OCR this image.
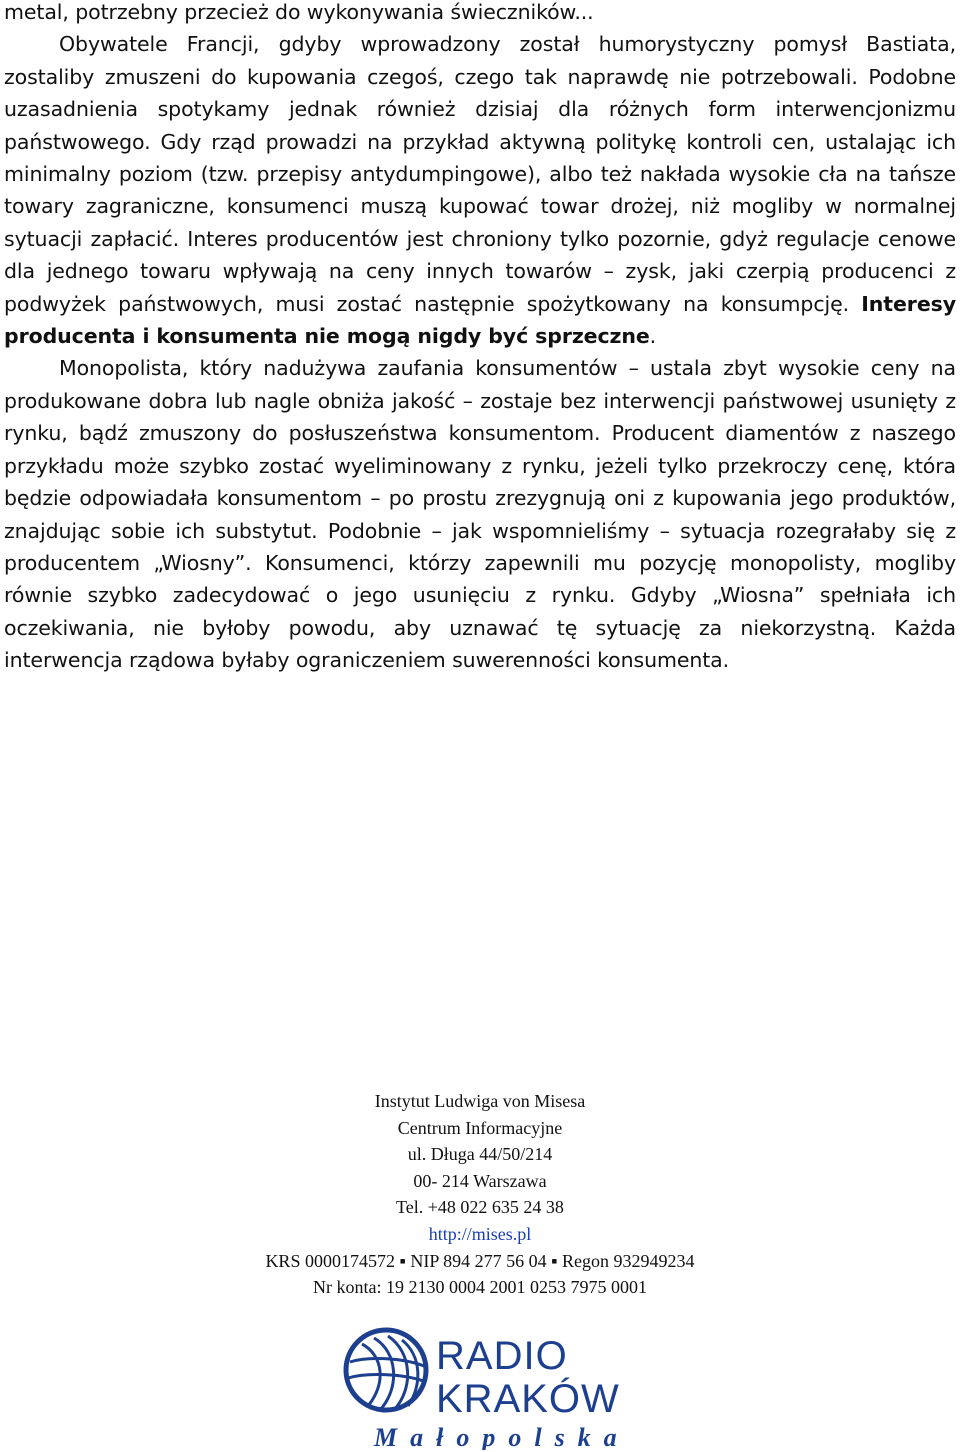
metal, potrzebny przecież do wykonywania świeczników...

Obywatele Francji, gdyby wprowadzony został humorystyczny pomysł Bastiata, zostaliby zmuszeni do kupowania czegoś, czego tak naprawdę nie potrzebowali. Podobne uzasadnienia spotykamy jednak również dzisiaj dla różnych form interwencjonizmu państwowego. Gdy rząd prowadzi na przykład aktywną politykę kontroli cen, ustalając ich minimalny poziom (tzw. przepisy antydumpingowe), albo też nakłada wysokie cła na tańsze towary zagraniczne, konsumenci muszą kupować towar drożej, niż mogliby w normalnej sytuacji zapłacić. Interes producentów jest chroniony tylko pozornie, gdyż regulacje cenowe dla jednego towaru wpływają na ceny innych towarów – zysk, jaki czerpią producenci z podwyżek państwowych, musi zostać następnie spożytkowany na konsumpcję. Interesy producenta i konsumenta nie mogą nigdy być sprzeczne.

Monopolista, który nadużywa zaufania konsumentów – ustala zbyt wysokie ceny na produkowane dobra lub nagle obniża jakość – zostaje bez interwencji państwowej usunięty z rynku, bądź zmuszony do posłuszeństwa konsumentom. Producent diamentów z naszego przykładu może szybko zostać wyeliminowany z rynku, jeżeli tylko przekroczy cenę, która będzie odpowiadała konsumentom – po prostu zrezygnują oni z kupowania jego produktów, znajdując sobie ich substytut. Podobnie – jak wspomnieliśmy – sytuacja rozegrałaby się z producentem „Wiosny”. Konsumenci, którzy zapewnili mu pozycję monopolisty, mogliby równie szybko zadecydować o jego usunięciu z rynku. Gdyby „Wiosna” spełniała ich oczekiwania, nie byłoby powodu, aby uznawać tę sytuację za niekorzystną. Każda interwencja rządowa byłaby ograniczeniem suwerenności konsumenta.

Instytut Ludwiga von Misesa
Centrum Informacyjne
ul. Długa 44/50/214
00- 214 Warszawa
Tel. +48 022 635 24 38
http://mises.pl
KRS 0000174572 ▪ NIP 894 277 56 04 ▪ Regon 932949234
Nr konta: 19 2130 0004 2001 0253 7975 0001
RADIO
KRAKÓW
Małopolska
